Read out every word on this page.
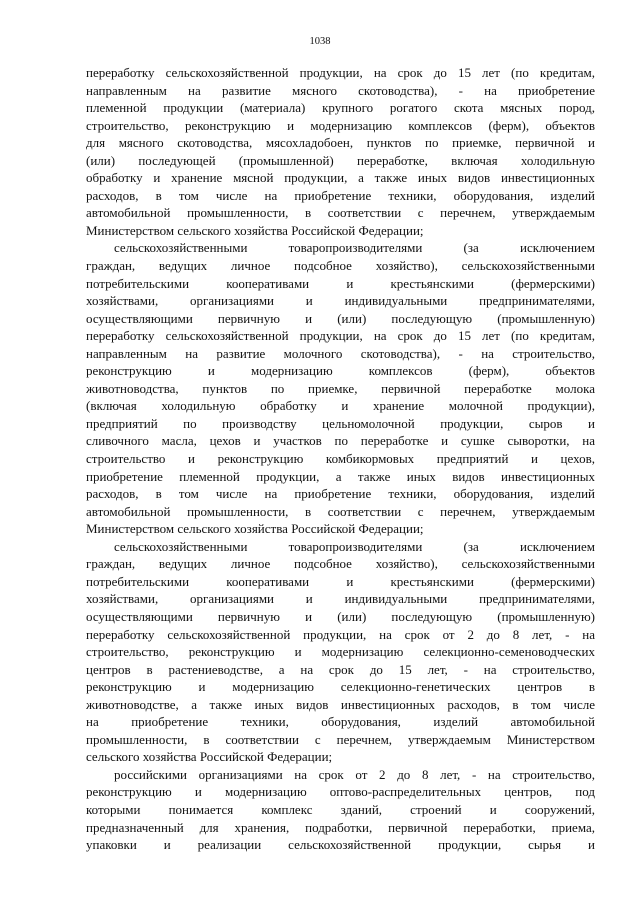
1038
переработку сельскохозяйственной продукции, на срок до 15 лет (по кредитам,
направленным на развитие мясного скотоводства), - на приобретение
племенной продукции (материала) крупного рогатого скота мясных пород,
строительство, реконструкцию и модернизацию комплексов (ферм), объектов
для мясного скотоводства, мясохладобоен, пунктов по приемке, первичной и
(или) последующей (промышленной) переработке, включая холодильную
обработку и хранение мясной продукции, а также иных видов инвестиционных
расходов, в том числе на приобретение техники, оборудования, изделий
автомобильной промышленности, в соответствии с перечнем, утверждаемым
Министерством сельского хозяйства Российской Федерации;
сельскохозяйственными товаропроизводителями (за исключением
граждан, ведущих личное подсобное хозяйство), сельскохозяйственными
потребительскими кооперативами и крестьянскими (фермерскими)
хозяйствами, организациями и индивидуальными предпринимателями,
осуществляющими первичную и (или) последующую (промышленную)
переработку сельскохозяйственной продукции, на срок до 15 лет (по кредитам,
направленным на развитие молочного скотоводства), - на строительство,
реконструкцию и модернизацию комплексов (ферм), объектов
животноводства, пунктов по приемке, первичной переработке молока
(включая холодильную обработку и хранение молочной продукции),
предприятий по производству цельномолочной продукции, сыров и
сливочного масла, цехов и участков по переработке и сушке сыворотки, на
строительство и реконструкцию комбикормовых предприятий и цехов,
приобретение племенной продукции, а также иных видов инвестиционных
расходов, в том числе на приобретение техники, оборудования, изделий
автомобильной промышленности, в соответствии с перечнем, утверждаемым
Министерством сельского хозяйства Российской Федерации;
сельскохозяйственными товаропроизводителями (за исключением
граждан, ведущих личное подсобное хозяйство), сельскохозяйственными
потребительскими кооперативами и крестьянскими (фермерскими)
хозяйствами, организациями и индивидуальными предпринимателями,
осуществляющими первичную и (или) последующую (промышленную)
переработку сельскохозяйственной продукции, на срок от 2 до 8 лет, - на
строительство, реконструкцию и модернизацию селекционно-семеноводческих
центров в растениеводстве, а на срок до 15 лет, - на строительство,
реконструкцию и модернизацию селекционно-генетических центров в
животноводстве, а также иных видов инвестиционных расходов, в том числе
на приобретение техники, оборудования, изделий автомобильной
промышленности, в соответствии с перечнем, утверждаемым Министерством
сельского хозяйства Российской Федерации;
российскими организациями на срок от 2 до 8 лет, - на строительство,
реконструкцию и модернизацию оптово-распределительных центров, под
которыми понимается комплекс зданий, строений и сооружений,
предназначенный для хранения, подработки, первичной переработки, приема,
упаковки и реализации сельскохозяйственной продукции, сырья и
